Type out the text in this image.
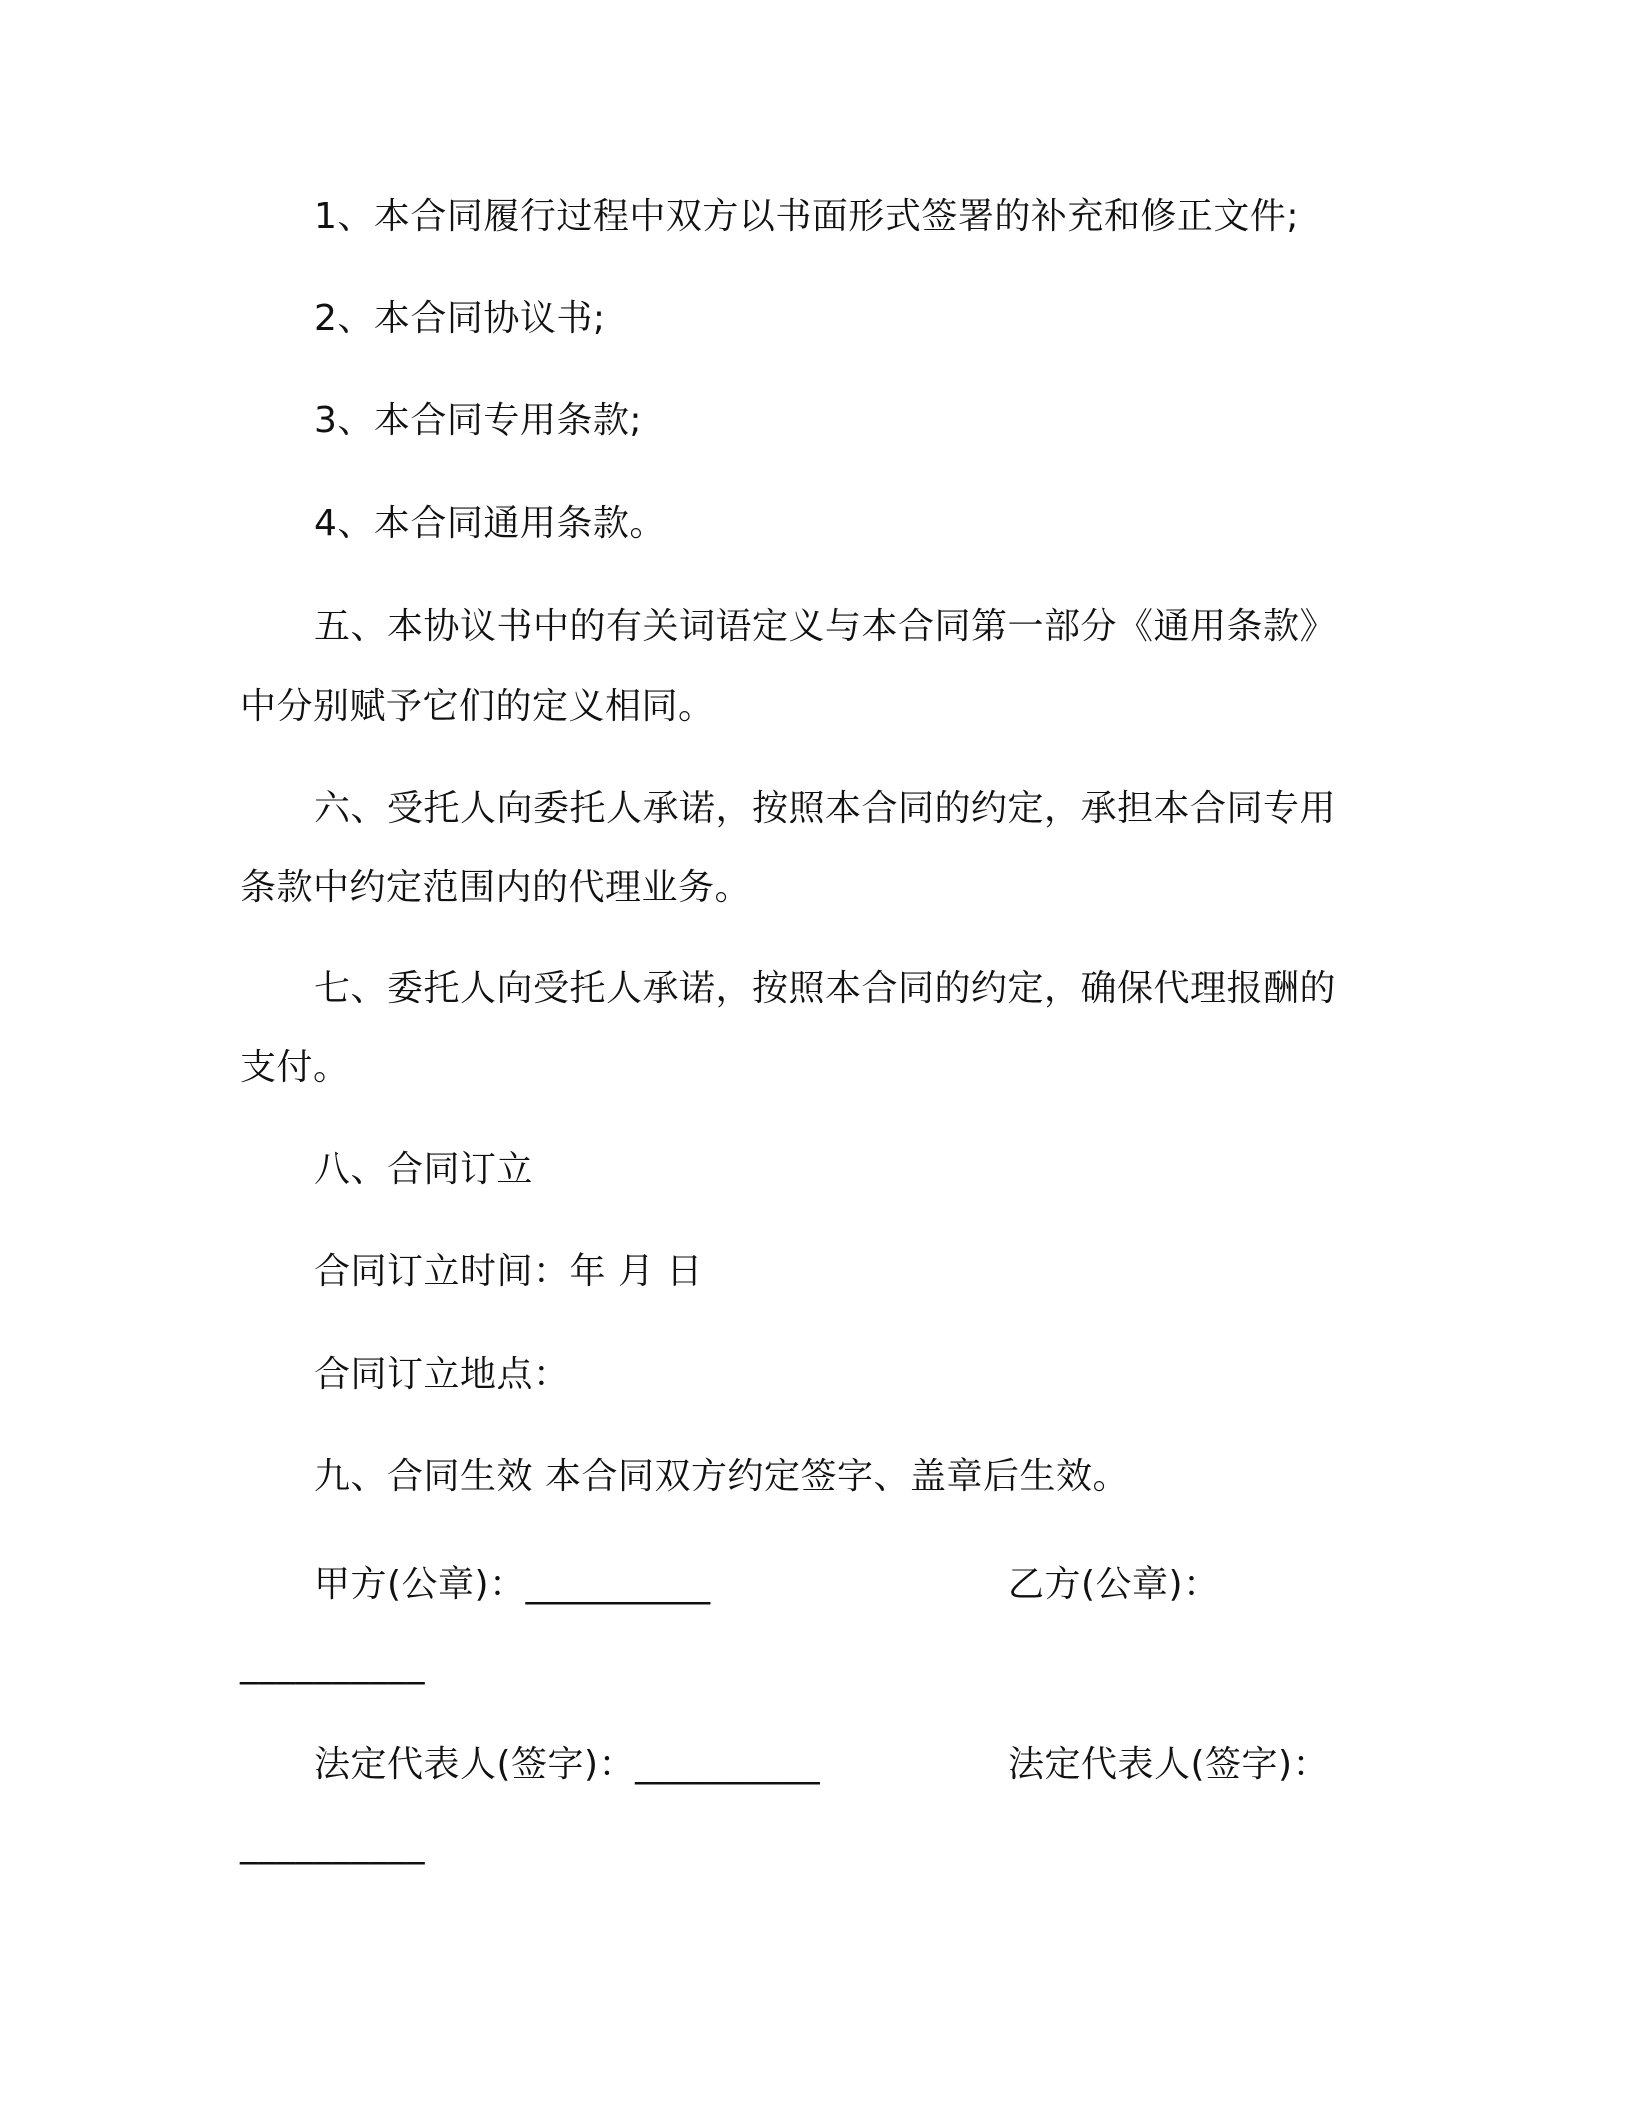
1、本合同履行过程中双方以书面形式签署的补充和修正文件;
2、本合同协议书;
3、本合同专用条款;
4、本合同通用条款。
五、本协议书中的有关词语定义与本合同第一部分《通用条款》
中分别赋予它们的定义相同。
六、受托人向委托人承诺，按照本合同的约定，承担本合同专用
条款中约定范围内的代理业务。
七、委托人向受托人承诺，按照本合同的约定，确保代理报酬的
支付。
八、合同订立
合同订立时间：年 月 日
合同订立地点：
九、合同生效 本合同双方约定签字、盖章后生效。
甲方(公章)：__________	乙方(公章)：
__________
法定代表人(签字)：__________	法定代表人(签字)：
__________
